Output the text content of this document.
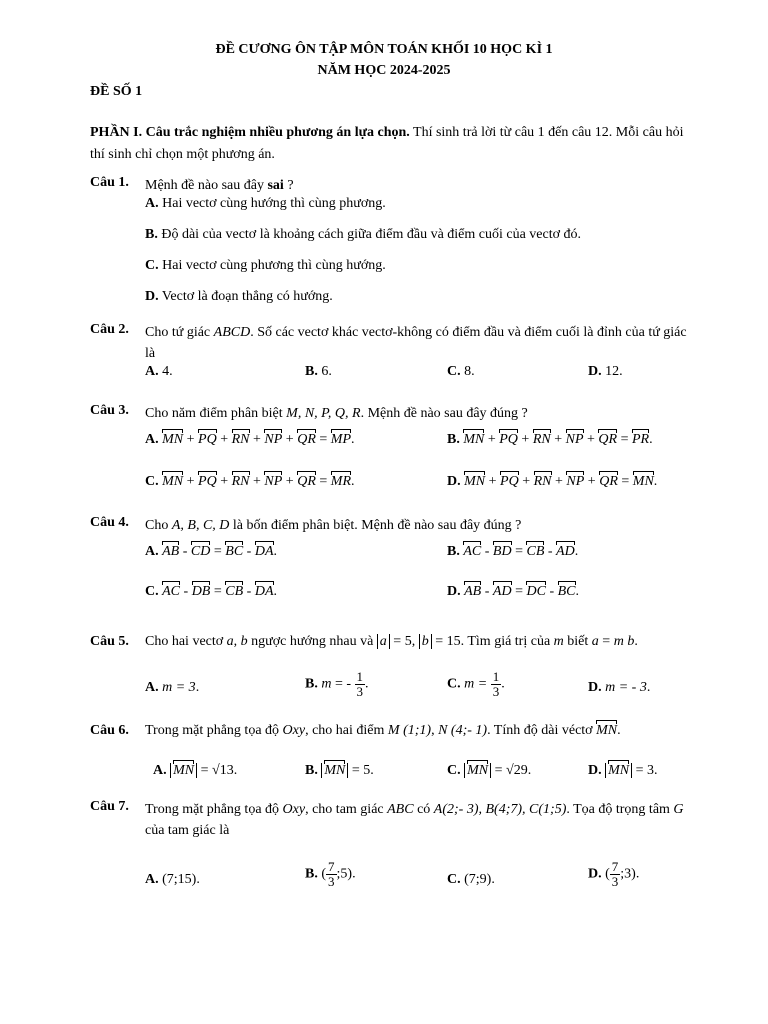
ĐỀ CƯƠNG ÔN TẬP MÔN TOÁN KHỐI 10 HỌC KÌ 1
NĂM HỌC 2024-2025
ĐỀ SỐ 1
PHẦN I. Câu trắc nghiệm nhiều phương án lựa chọn. Thí sinh trả lời từ câu 1 đến câu 12. Mỗi câu hỏi thí sinh chỉ chọn một phương án.
Câu 1. Mệnh đề nào sau đây sai ?
A. Hai vectơ cùng hướng thì cùng phương.
B. Độ dài của vectơ là khoảng cách giữa điểm đầu và điểm cuối của vectơ đó.
C. Hai vectơ cùng phương thì cùng hướng.
D. Vectơ là đoạn thẳng có hướng.
Câu 2. Cho tứ giác ABCD. Số các vectơ khác vectơ-không có điểm đầu và điểm cuối là đỉnh của tứ giác là
A. 4.	B. 6.	C. 8.	D. 12.
Câu 3. Cho năm điểm phân biệt M, N, P, Q, R. Mệnh đề nào sau đây đúng ?
A. MN + PQ + RN + NP + QR = MP.	B. MN + PQ + RN + NP + QR = PR.
C. MN + PQ + RN + NP + QR = MR.	D. MN + PQ + RN + NP + QR = MN.
Câu 4. Cho A, B, C, D là bốn điểm phân biệt. Mệnh đề nào sau đây đúng ?
A. AB - CD = BC - DA.	B. AC - BD = CB - AD.
C. AC - DB = CB - DA.	D. AB - AD = DC - BC.
Câu 5. Cho hai vectơ a, b ngược hướng nhau và a = 5, b = 15. Tìm giá trị của m biết a = m b.
A. m = 3.	B. m = - $\frac{1}{3}$ .	C. $m = \frac{1}{3}$ .	D. m = - 3.
Câu 6. Trong mặt phẳng tọa độ Oxy, cho hai điểm M (1;1), N (4;- 1). Tính độ dài véctơ MN.
A. MN = √13.	B. MN = 5.	C. MN = √29.	D. MN = 3.
Câu 7. Trong mặt phẳng tọa độ Oxy, cho tam giác ABC có A(2;- 3), B(4;7), C(1;5). Tọa độ trọng tâm G của tam giác là
A. (7;15).	B. ( $\frac{7}{3}$ ;5).	C. (7;9).	D. ( $\frac{7}{3}$ ;3).
